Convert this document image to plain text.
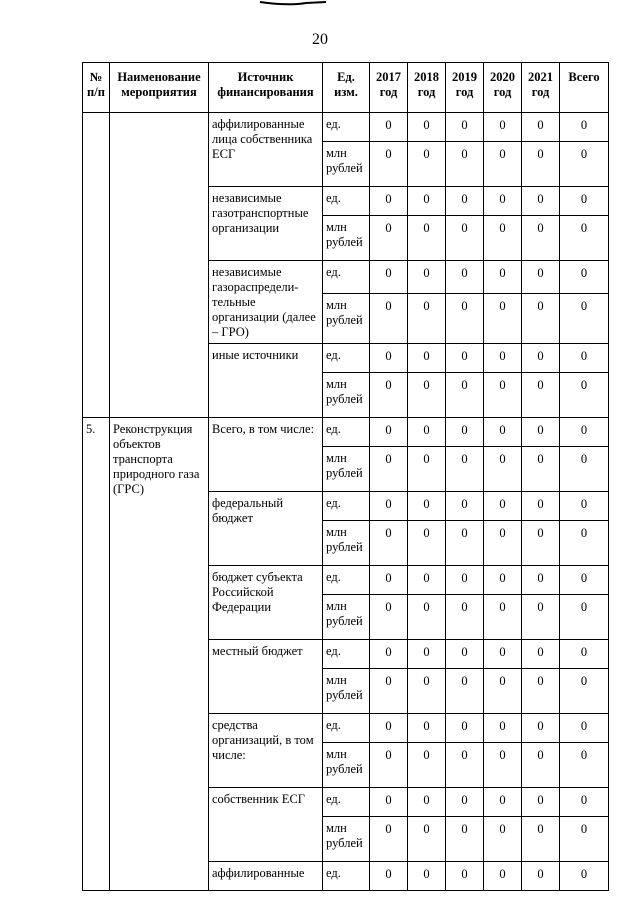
20
№ п/п	Наименование мероприятия	Источник финансирования	Ед. изм.	2017 год	2018 год	2019 год	2020 год	2021 год	Всего
		аффилированные лица собственника ЕСГ	ед.	0	0	0	0	0	0
			млн рублей	0	0	0	0	0	0
		независимые газотранспортные организации	ед.	0	0	0	0	0	0
			млн рублей	0	0	0	0	0	0
		независимые газораспредели-тельные организации (далее – ГРО)	ед.	0	0	0	0	0	0
			млн рублей	0	0	0	0	0	0
		иные источники	ед.	0	0	0	0	0	0
			млн рублей	0	0	0	0	0	0
5.	Реконструкция объектов транспорта природного газа (ГРС)	Всего, в том числе:	ед.	0	0	0	0	0	0
			млн рублей	0	0	0	0	0	0
		федеральный бюджет	ед.	0	0	0	0	0	0
			млн рублей	0	0	0	0	0	0
		бюджет субъекта Российской Федерации	ед.	0	0	0	0	0	0
			млн рублей	0	0	0	0	0	0
		местный бюджет	ед.	0	0	0	0	0	0
			млн рублей	0	0	0	0	0	0
		средства организаций, в том числе:	ед.	0	0	0	0	0	0
			млн рублей	0	0	0	0	0	0
		собственник ЕСГ	ед.	0	0	0	0	0	0
			млн рублей	0	0	0	0	0	0
		аффилированные	ед.	0	0	0	0	0	0
